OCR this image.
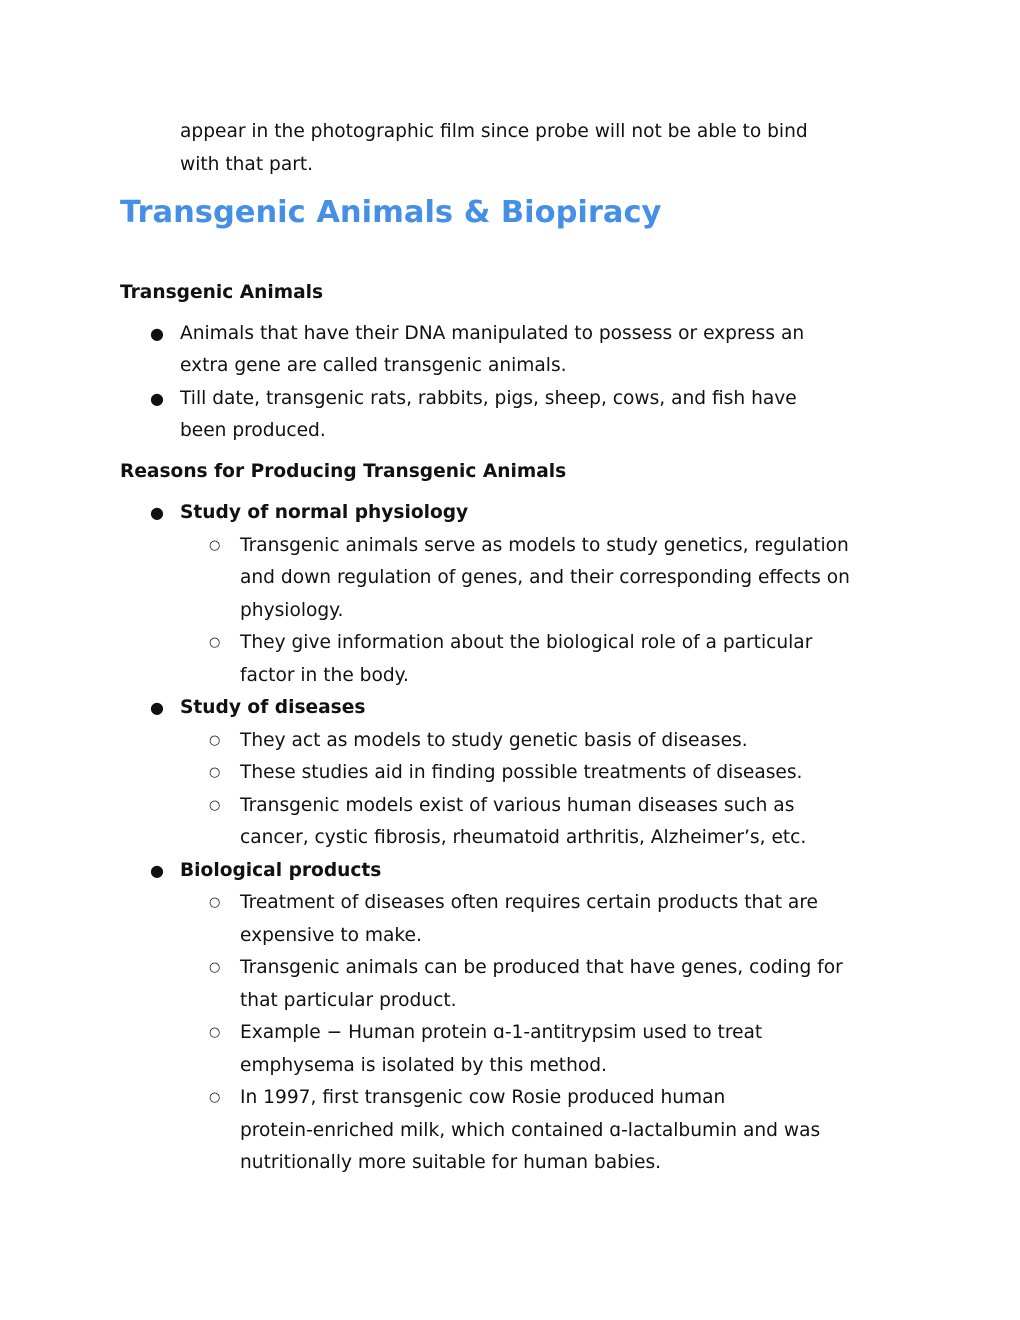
appear in the photographic film since probe will not be able to bind
with that part.
Transgenic Animals & Biopiracy
Transgenic Animals
● Animals that have their DNA manipulated to possess or express an
extra gene are called transgenic animals.
● Till date, transgenic rats, rabbits, pigs, sheep, cows, and fish have
been produced.
Reasons for Producing Transgenic Animals
● Study of normal physiology
○ Transgenic animals serve as models to study genetics, regulation
and down regulation of genes, and their corresponding effects on
physiology.
○ They give information about the biological role of a particular
factor in the body.
● Study of diseases
○ They act as models to study genetic basis of diseases.
○ These studies aid in finding possible treatments of diseases.
○ Transgenic models exist of various human diseases such as
cancer, cystic fibrosis, rheumatoid arthritis, Alzheimer’s, etc.
● Biological products
○ Treatment of diseases often requires certain products that are
expensive to make.
○ Transgenic animals can be produced that have genes, coding for
that particular product.
○ Example − Human protein ɑ-1-antitrypsim used to treat
emphysema is isolated by this method.
○ In 1997, first transgenic cow Rosie produced human
protein-enriched milk, which contained ɑ-lactalbumin and was
nutritionally more suitable for human babies.
